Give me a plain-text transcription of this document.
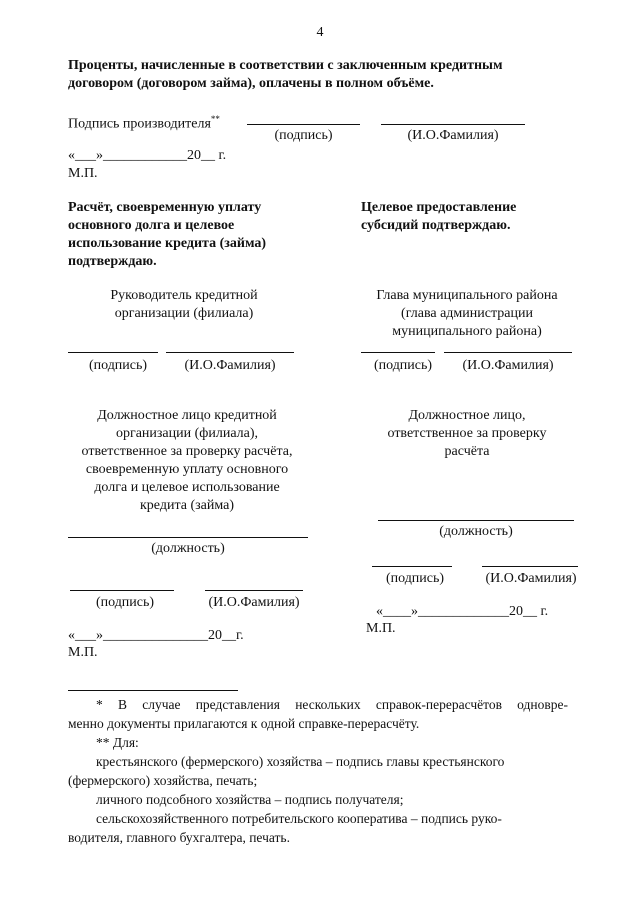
4
Проценты, начисленные в соответствии с заключенным кредитным
договором (договором займа), оплачены в полном объёме.
Подпись производителя**
(подпись)	(И.О.Фамилия)
«___»____________20__ г.
М.П.
Расчёт, своевременную уплату
основного долга и целевое
использование кредита (займа)
подтверждаю.
Целевое предоставление
субсидий подтверждаю.
Руководитель кредитной
организации (филиала)
(подпись)	(И.О.Фамилия)
Глава муниципального района
(глава администрации
муниципального района)
(подпись)	(И.О.Фамилия)
Должностное лицо кредитной
организации (филиала),
ответственное за проверку расчёта,
своевременную уплату основного
долга и целевое использование
кредита (займа)
(должность)
(подпись)	(И.О.Фамилия)
«___»_______________20__г.
М.П.
Должностное лицо,
ответственное за проверку
расчёта
(должность)
(подпись)	(И.О.Фамилия)
«____»_____________20__ г.
М.П.
* В случае представления нескольких справок-перерасчётов одновре-
менно документы прилагаются к одной справке-перерасчёту.
** Для:
крестьянского (фермерского) хозяйства – подпись главы крестьянского
(фермерского) хозяйства, печать;
личного подсобного хозяйства – подпись получателя;
сельскохозяйственного потребительского кооператива – подпись руко-
водителя, главного бухгалтера, печать.
